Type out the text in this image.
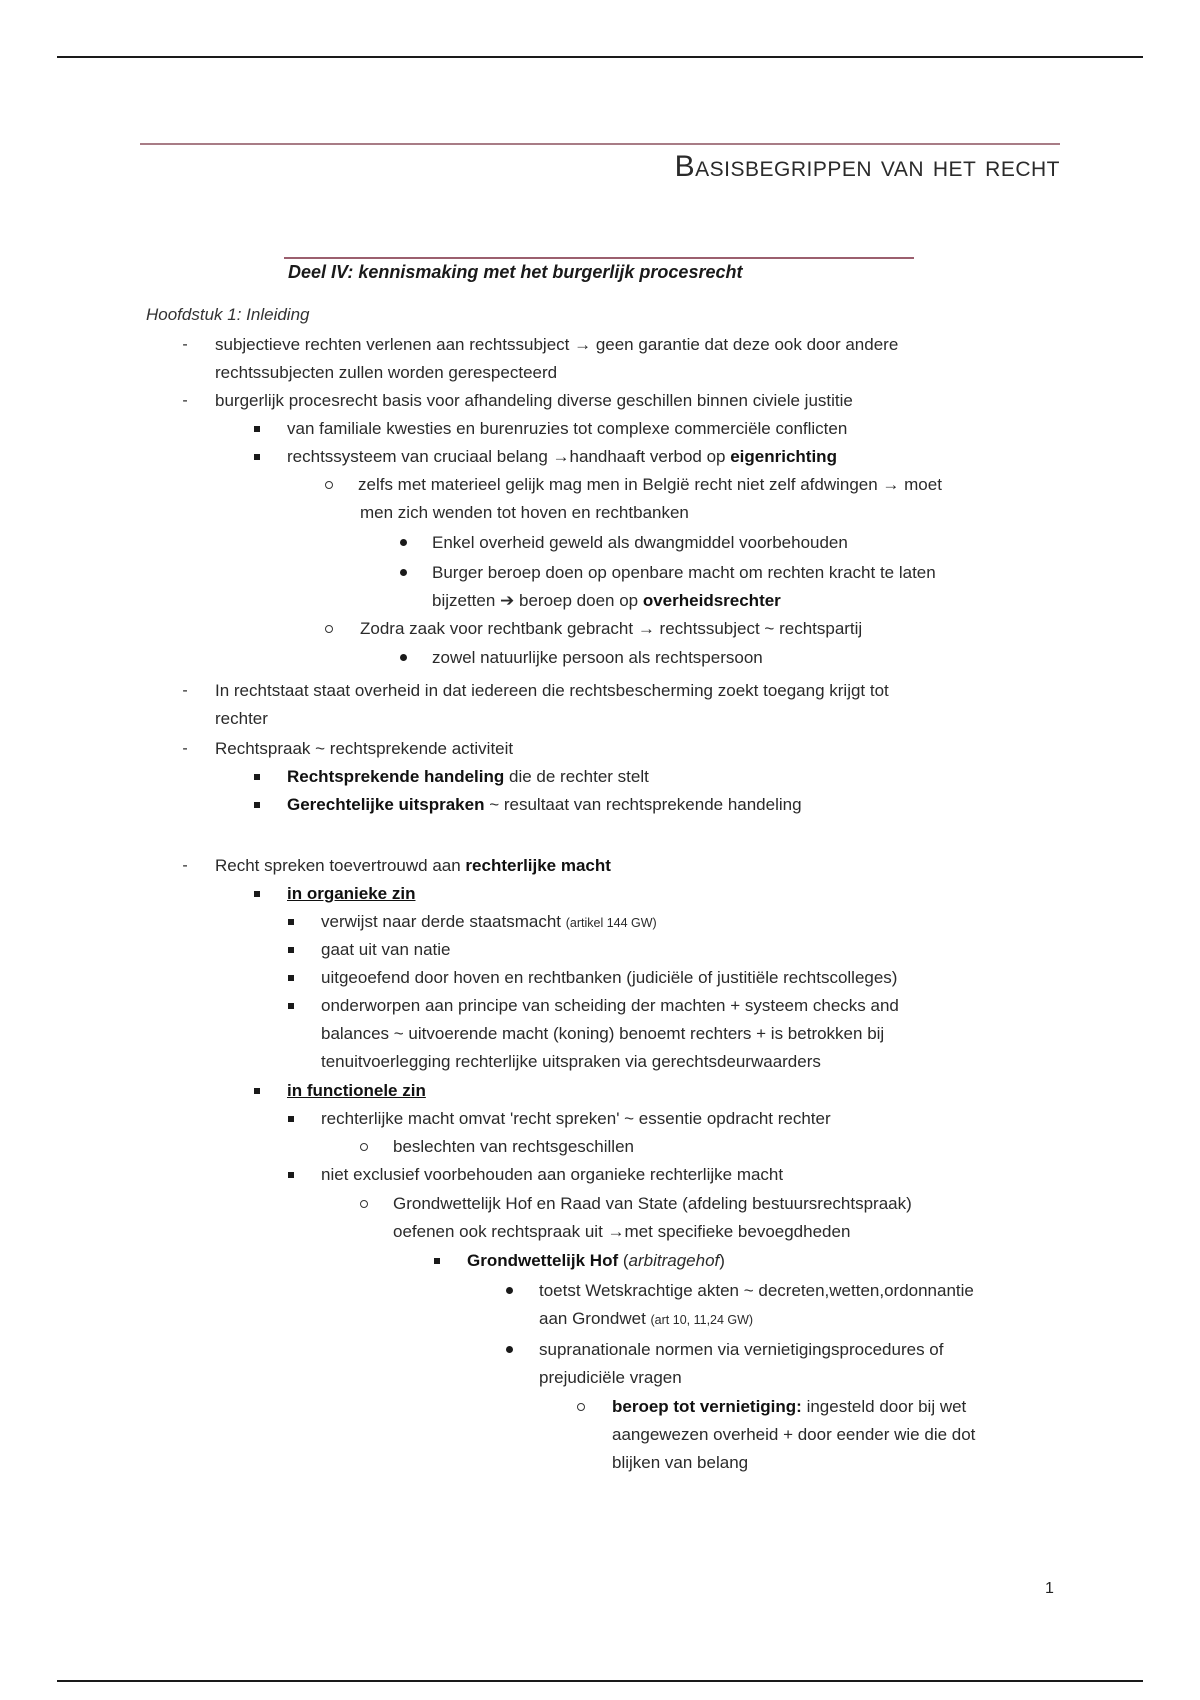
Basisbegrippen van het recht
Deel IV: kennismaking met het burgerlijk procesrecht
Hoofdstuk 1: Inleiding
- subjectieve rechten verlenen aan rechtssubject → geen garantie dat deze ook door andere
rechtssubjecten zullen worden gerespecteerd
- burgerlijk procesrecht basis voor afhandeling diverse geschillen binnen civiele justitie
van familiale kwesties en burenruzies tot complexe commerciële conflicten
rechtssysteem van cruciaal belang →handhaaft verbod op eigenrichting
zelfs met materieel gelijk mag men in België recht niet zelf afdwingen → moet
men zich wenden tot hoven en rechtbanken
Enkel overheid geweld als dwangmiddel voorbehouden
Burger beroep doen op openbare macht om rechten kracht te laten
bijzetten ➔ beroep doen op overheidsrechter
Zodra zaak voor rechtbank gebracht → rechtssubject ~ rechtspartij
zowel natuurlijke persoon als rechtspersoon
- In rechtstaat staat overheid in dat iedereen die rechtsbescherming zoekt toegang krijgt tot
rechter
- Rechtspraak ~ rechtsprekende activiteit
Rechtsprekende handeling die de rechter stelt
Gerechtelijke uitspraken ~ resultaat van rechtsprekende handeling
- Recht spreken toevertrouwd aan rechterlijke macht
in organieke zin
verwijst naar derde staatsmacht (artikel 144 GW)
gaat uit van natie
uitgeoefend door hoven en rechtbanken (judiciële of justitiële rechtscolleges)
onderworpen aan principe van scheiding der machten + systeem checks and
balances ~ uitvoerende macht (koning) benoemt rechters + is betrokken bij
tenuitvoerlegging rechterlijke uitspraken via gerechtsdeurwaarders
in functionele zin
rechterlijke macht omvat 'recht spreken' ~ essentie opdracht rechter
beslechten van rechtsgeschillen
niet exclusief voorbehouden aan organieke rechterlijke macht
Grondwettelijk Hof en Raad van State (afdeling bestuursrechtspraak)
oefenen ook rechtspraak uit →met specifieke bevoegdheden
Grondwettelijk Hof (arbitragehof)
toetst Wetskrachtige akten ~ decreten,wetten,ordonnantie
aan Grondwet (art 10, 11,24 GW)
supranationale normen via vernietigingsprocedures of
prejudiciële vragen
beroep tot vernietiging: ingesteld door bij wet
aangewezen overheid + door eender wie die dot
blijken van belang
1
